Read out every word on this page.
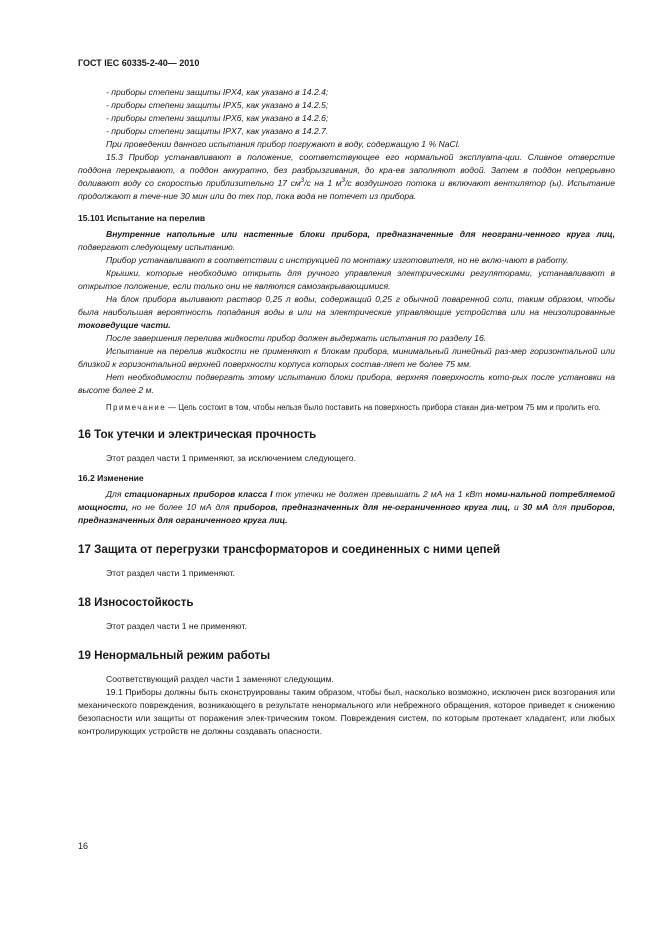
ГОСТ IEC 60335-2-40— 2010

- приборы степени защиты IPX4, как указано в 14.2.4;

- приборы степени защиты IPX5, как указано в 14.2.5;

- приборы степени защиты IPX6, как указано в 14.2.6;

- приборы степени защиты IPX7, как указано в 14.2.7.

При проведении данного испытания прибор погружают в воду, содержащую 1 % NaCl.

15.3 Прибор устанавливают в положение, соответствующее его нормальной эксплуата-ции. Сливное отверстие поддона перекрывают, а поддон аккуратно, без разбрызгивания, до кра-ев заполняют водой. Затем в поддон непрерывно доливают воду со скоростью приблизительно 17 $см^3/с$ на 1 $м^3/с$ воздушного потока и включают вентилятор (ы). Испытание продолжают в тече-ние 30 мин или до тех пор, пока вода не потечет из прибора.

15.101 Испытание на перелив

Внутренние напольные или настенные блоки прибора, предназначенные для неограни-ченного круга лиц, подвергают следующему испытанию.

Прибор устанавливают в соответствии с инструкцией по монтажу изготовителя, но не вклю-чают в работу.

Крышки, которые необходимо открыть для ручного управления электрическими регуляторами, устанавливают в открытое положение, если только они не являются самозакрывающимися.

На блок прибора выливают раствор 0,25 л воды, содержащий 0,25 г обычной поваренной соли, таким образом, чтобы была наибольшая вероятность попадания воды в или на электрические управляющие устройства или на неизолированные токоведущие части.

После завершения перелива жидкости прибор должен выдержать испытания по разделу 16.

Испытание на перелив жидкости не применяют к блокам прибора, минимальный линейный раз-мер горизонтальной или близкой к горизонтальной верхней поверхности корпуса которых состав-ляет не более 75 мм.

Нет необходимости подвергать этому испытанию блоки прибора, верхняя поверхность кото-рых после установки на высоте более 2 м.

Примечание — Цель состоит в том, чтобы нельзя было поставить на поверхность прибора стакан диа-метром 75 мм и пролить его.

16 Ток утечки и электрическая прочность

Этот раздел части 1 применяют, за исключением следующего.

16.2 Изменение

Для стационарных приборов класса I ток утечки не должен превышать 2 мА на 1 кВт номи-нальной потребляемой мощности, но не более 10 мА для приборов, предназначенных для не-ограниченного круга лиц, и 30 мА для приборов, предназначенных для ограниченного круга лиц.

17 Защита от перегрузки трансформаторов и соединенных с ними цепей

Этот раздел части 1 применяют.

18 Износостойкость

Этот раздел части 1 не применяют.

19 Ненормальный режим работы

Соответствующий раздел части 1 заменяют следующим.

19.1 Приборы должны быть сконструированы таким образом, чтобы был, насколько возможно, исключен риск возгорания или механического повреждения, возникающего в результате ненормального или небрежного обращения, которое приведет к снижению безопасности или защиты от поражения элек-трическим током. Повреждения систем, по которым протекает хладагент, или любых контролирующих устройств не должны создавать опасности.

16
